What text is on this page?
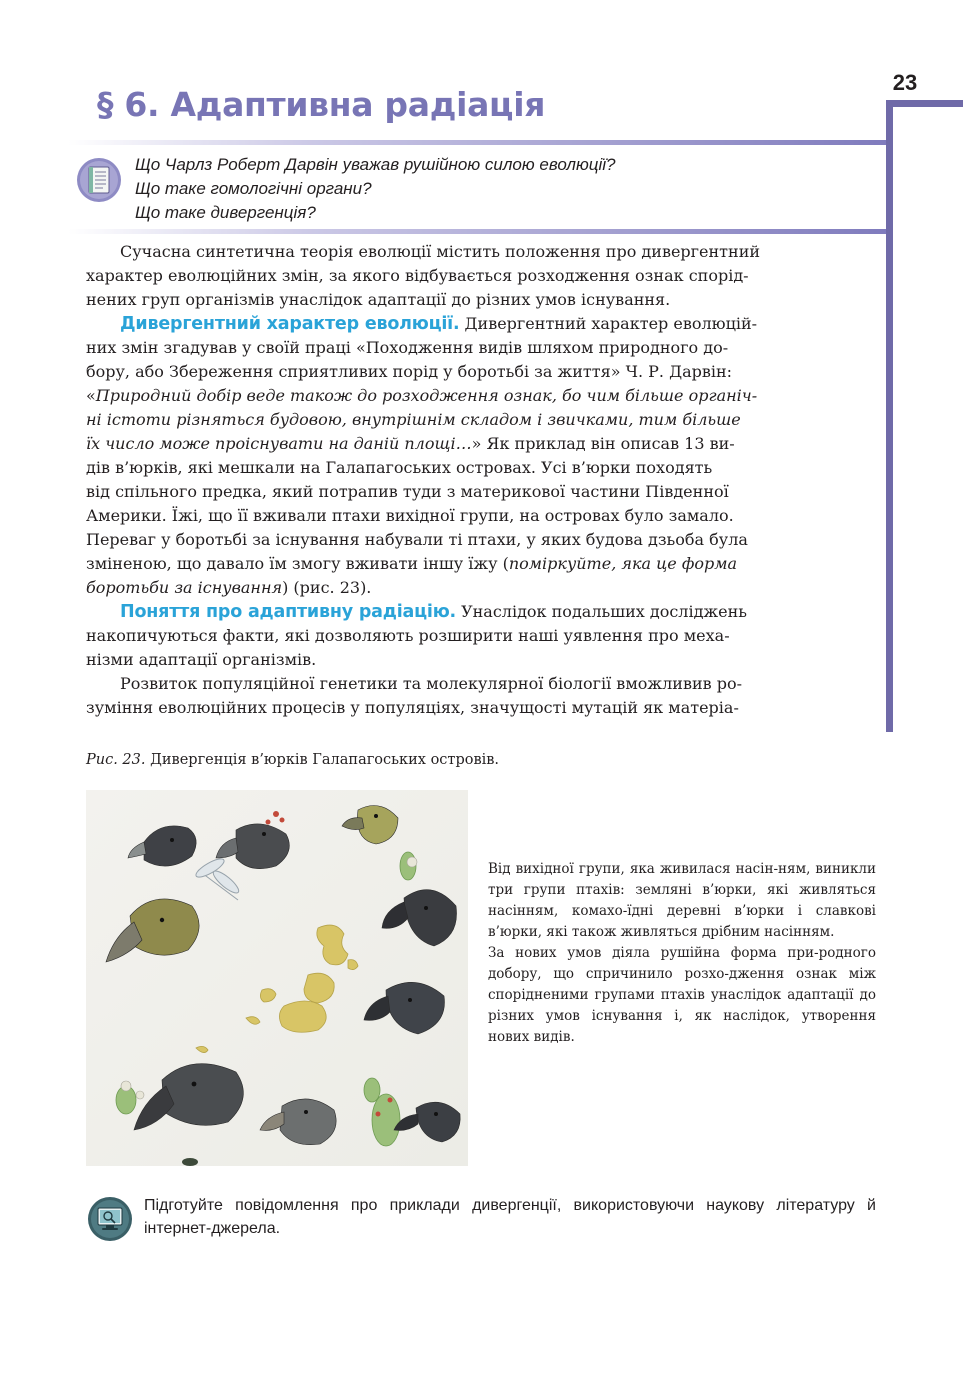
23
§ 6. Адаптивна радіація
Що Чарлз Роберт Дарвін уважав рушійною силою еволюції?
Що таке гомологічні органи?
Що таке дивергенція?
Сучасна синтетична теорія еволюції містить положення про дивергентний
характер еволюційних змін, за якого відбувається розходження ознак спорід-
нених груп організмів унаслідок адаптації до різних умов існування.
Дивергентний характер еволюції. Дивергентний характер еволюцій-
них змін згадував у своїй праці «Походження видів шляхом природного до-
бору, або Збереження сприятливих порід у боротьбі за життя» Ч. Р. Дарвін:
«Природний добір веде також до розходження ознак, бо чим більше органіч-
ні істоти різняться будовою, внутрішнім складом і звичками, тим більше
їх число може проіснувати на даній площі…» Як приклад він описав 13 ви-
дів в’юрків, які мешкали на Галапагоських островах. Усі в’юрки походять
від спільного предка, який потрапив туди з материкової частини Південної
Америки. Їжі, що її вживали птахи вихідної групи, на островах було замало.
Переваг у боротьбі за існування набували ті птахи, у яких будова дзьоба була
зміненою, що давало їм змогу вживати іншу їжу (поміркуйте, яка це форма
боротьби за існування) (рис. 23).
Поняття про адаптивну радіацію. Унаслідок подальших досліджень
накопичуються факти, які дозволяють розширити наші уявлення про меха-
нізми адаптації організмів.
Розвиток популяційної генетики та молекулярної біології вможливив ро-
зуміння еволюційних процесів у популяціях, значущості мутацій як матеріа-
Рис. 23. Дивергенція в’юрків Галапагоських островів.

Від вихідної групи, яка живилася насін-ням, виникли три групи птахів: земляні в’юрки, які живляться насінням, комахо-їдні деревні в’юрки і славкові в’юрки, які також живляться дрібним насінням.

За нових умов діяла рушійна форма при-родного добору, що спричинило розхо-дження ознак між спорідненими групами птахів унаслідок адаптації до різних умов існування і, як наслідок, утворення нових видів.

Підготуйте повідомлення про приклади дивергенції, використовуючи наукову літературу й інтернет-джерела.
